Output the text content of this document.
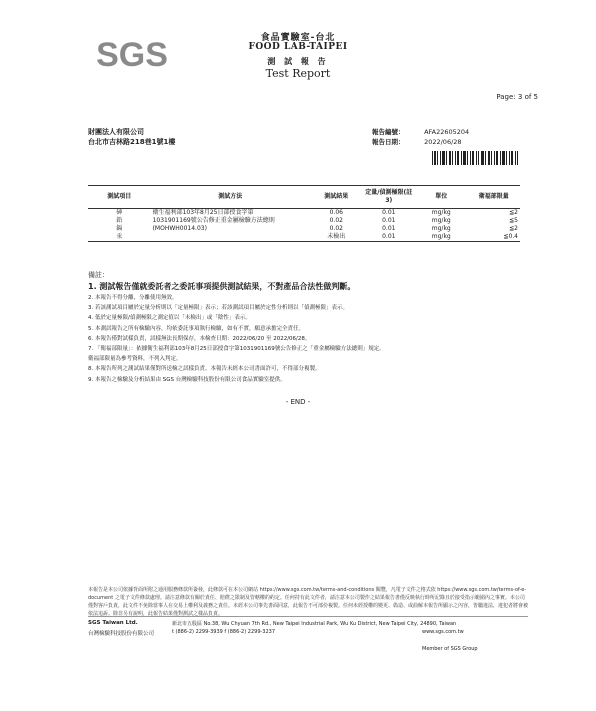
SGS	食品實驗室-台北
FOOD LAB-TAIPEI
測 試 報 告
Test Report
Page: 3 of 5
財團法人有限公司
台北市吉林路218巷1號1樓
報告編號：	AFA22605204
報告日期：	2022/06/28
測試項目	測試方法	測試結果	定量/偵測極限(註3)	單位	衛福部限量
砷	衛生福利部103年8月25日部授食字第	0.06	0.01	mg/kg	≦2
鉛	1031901169號公告修正重金屬檢驗方法總則	0.02	0.01	mg/kg	≦5
鎘	(MOHWH0014.03)	0.02	0.01	mg/kg	≦2
汞		未檢出	0.01	mg/kg	≦0.4
備註：
1. 測試報告僅就委託者之委託事項提供測試結果，不對產品合法性做判斷。
2. 本報告不得分離，分離使用無效。
3. 若該測試項目屬於定量分析則以「定量極限」表示；若該測試項目屬於定性分析則以「偵測極限」表示。
4. 低於定量極限/偵測極限之測定值以「未檢出」或「陰性」表示。
5. 本測試報告之所有檢驗內容，均依委託事項執行檢驗，如有不實，願意承擔完全責任。
6. 本報告僅對試樣負責，試樣無法長期保存，本檢查日期：2022/06/20 至 2022/06/28。
7. 「衛福部限量」：依據衛生福利部103年8月25日部授食字第1031901169號公告修正之「重金屬檢驗方法總則」規定。
衛福部限量為參考資料，不列入判定。
8. 本報告所列之測試結果僅對所送檢之試樣負責。本報告未經本公司書面許可，不得部分複製。
9. 本報告之檢驗及分析結果由 SGS 台灣檢驗科技股份有限公司食品實驗室提供。
- END -
本報告是本公司依據背面所附之通用服務條款所簽發，此條款可在本公司網站 https://www.sgs.com.tw/terms-and-conditions 閱覽，凡電子文件之格式依 https://www.sgs.com.tw/terms-of-e-document 之電子文件條款處理。請注意條款有關於責任、賠償之限制及管轄權的約定。任何持有此文件者，請注意本公司製作之結果報告書僅反映執行時所記錄且於接受指示範圍內之事實。本公司僅對客戶負責，此文件不免除當事人在交易上權利及義務之責任。未經本公司事先書面同意，此報告不可部份複製。任何未經授權的變更、偽造、或曲解本報告所顯示之內容，皆屬違法，違犯者將會被依法追訴。除非另有說明，此報告結果僅對測試之樣品負責。
SGS Taiwan Ltd.
台灣檢驗科技股份有限公司
新北市五股區 No.38, Wu Chyuan 7th Rd., New Taipei Industrial Park, Wu Ku District, New Taipei City, 24890, Taiwan
t (886-2) 2299-3939 f (886-2) 2299-3237	www.sgs.com.tw
Member of SGS Group
